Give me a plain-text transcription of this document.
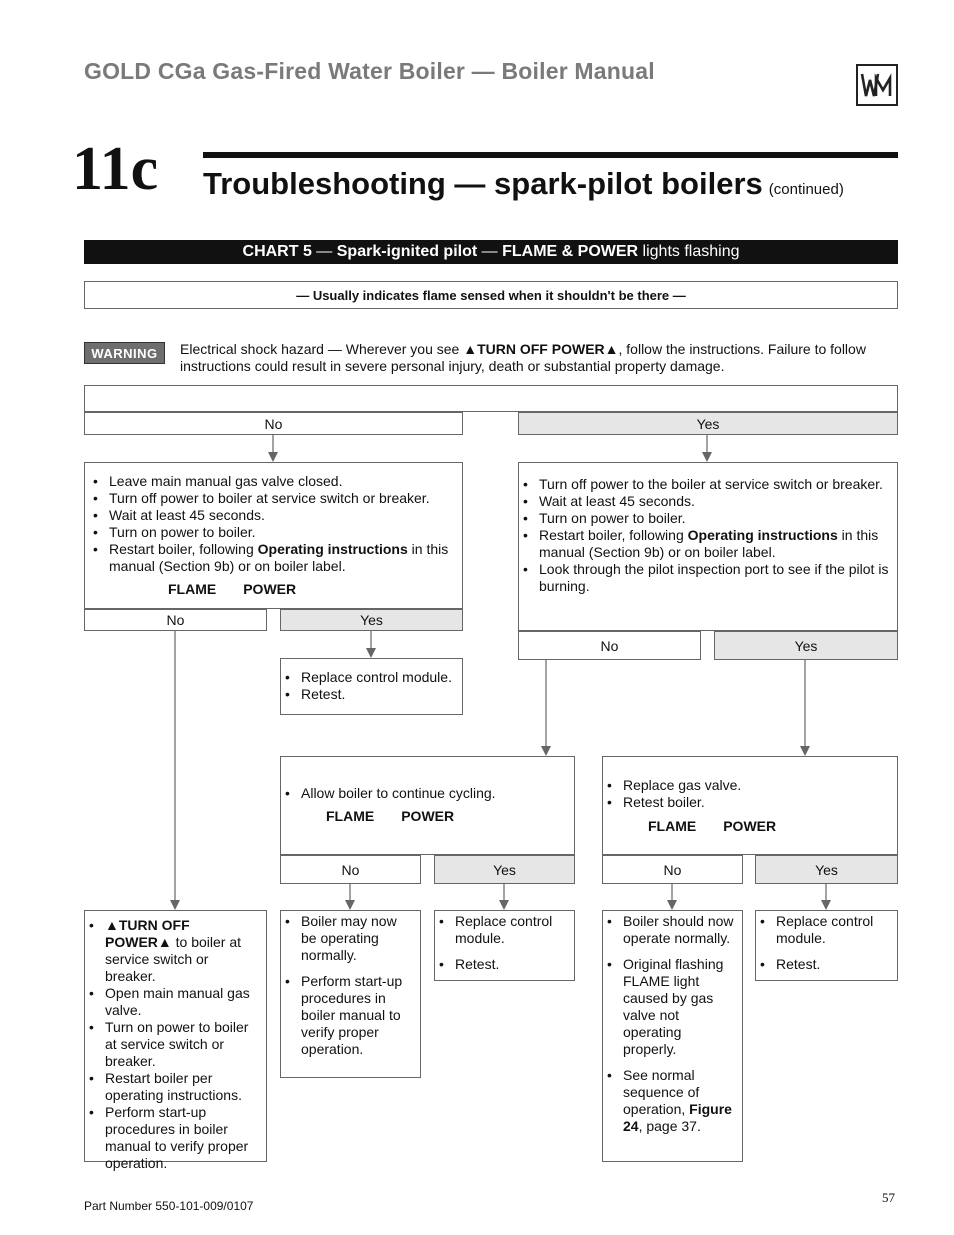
GOLD CGa Gas-Fired Water Boiler — Boiler Manual
11c Troubleshooting — spark-pilot boilers (continued)
CHART 5 — Spark-ignited pilot — FLAME & POWER lights flashing
— Usually indicates flame sensed when it shouldn't be there —
WARNING	Electrical shock hazard — Wherever you see ▲TURN OFF POWER▲, follow the instructions. Failure to follow instructions could result in severe personal injury, death or substantial property damage.
No	Yes
• Leave main manual gas valve closed.
• Turn off power to boiler at service switch or breaker.
• Wait at least 45 seconds.
• Turn on power to boiler.
• Restart boiler, following Operating instructions in this manual (Section 9b) or on boiler label.
FLAME POWER
No	Yes
• Turn off power to the boiler at service switch or breaker.
• Wait at least 45 seconds.
• Turn on power to boiler.
• Restart boiler, following Operating instructions in this manual (Section 9b) or on boiler label.
• Look through the pilot inspection port to see if the pilot is burning.
No	Yes
• Replace control module.
• Retest.
• Allow boiler to continue cycling.
FLAME POWER
No	Yes
• Replace gas valve.
• Retest boiler.
FLAME POWER
No	Yes
• ▲TURN OFF POWER▲ to boiler at service switch or breaker.
• Open main manual gas valve.
• Turn on power to boiler at service switch or breaker.
• Restart boiler per operating instructions.
• Perform start-up procedures in boiler manual to verify proper operation.
• Boiler may now be operating normally.
• Perform start-up procedures in boiler manual to verify proper operation.
• Replace control module.
• Retest.
• Boiler should now operate normally.
• Original flashing FLAME light caused by gas valve not operating properly.
• See normal sequence of operation, Figure 24, page 37.
• Replace control module.
• Retest.
Part Number 550-101-009/0107
57
